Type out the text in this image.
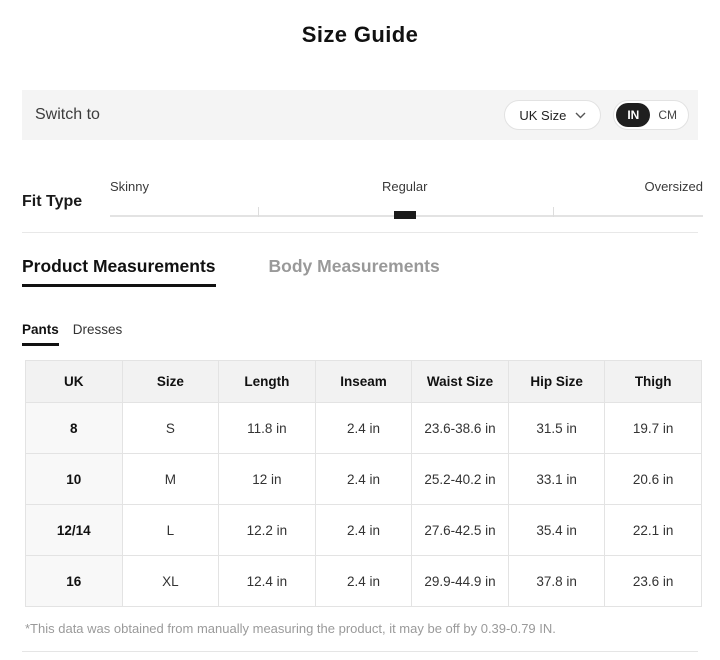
Size Guide
Switch to	UK Size	IN	CM
Fit Type
Skinny	Regular	Oversized
Product Measurements	Body Measurements
Pants Dresses
UK	Size	Length	Inseam	Waist Size	Hip Size	Thigh
8	S	11.8 in	2.4 in	23.6-38.6 in	31.5 in	19.7 in
10	M	12 in	2.4 in	25.2-40.2 in	33.1 in	20.6 in
12/14	L	12.2 in	2.4 in	27.6-42.5 in	35.4 in	22.1 in
16	XL	12.4 in	2.4 in	29.9-44.9 in	37.8 in	23.6 in
*This data was obtained from manually measuring the product, it may be off by 0.39-0.79 IN.
